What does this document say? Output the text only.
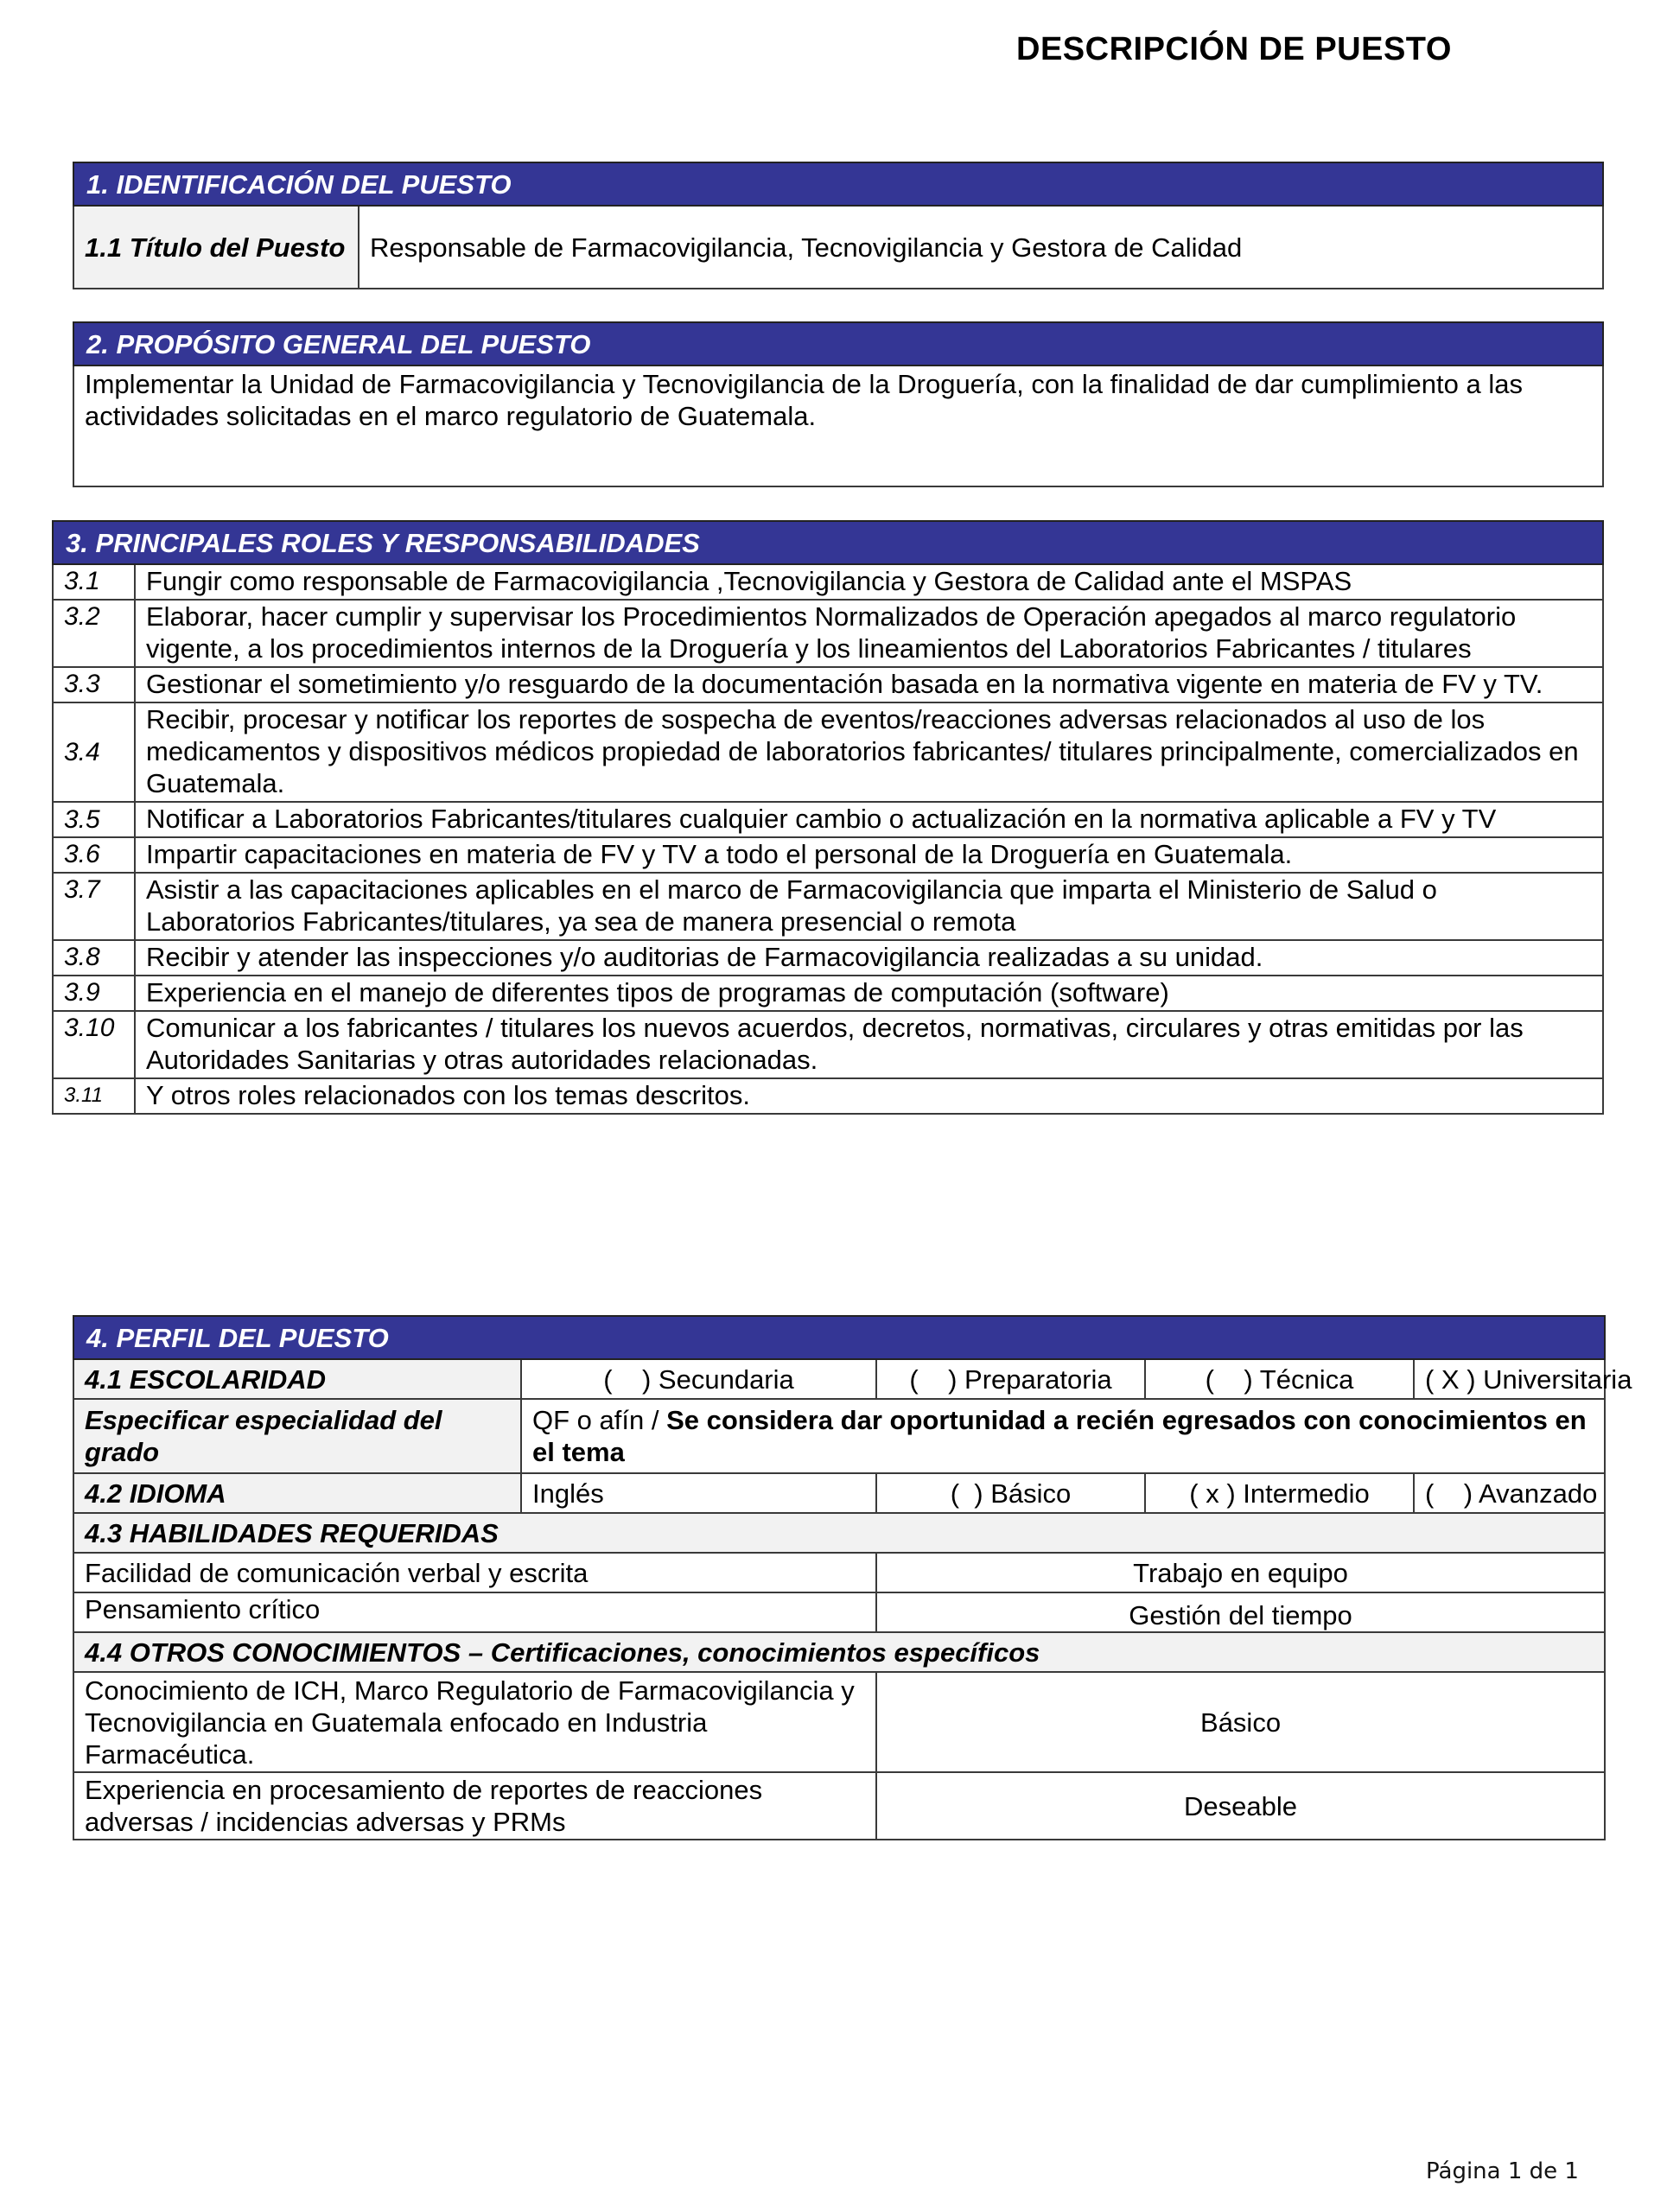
DESCRIPCIÓN DE PUESTO
1. IDENTIFICACIÓN DEL PUESTO
1.1 Título del Puesto	Responsable de Farmacovigilancia, Tecnovigilancia y Gestora de Calidad
2. PROPÓSITO GENERAL DEL PUESTO
Implementar la Unidad de Farmacovigilancia y Tecnovigilancia de la Droguería, con la finalidad de dar cumplimiento a las actividades solicitadas en el marco regulatorio de Guatemala.
3. PRINCIPALES ROLES Y RESPONSABILIDADES	
3.1	Fungir como responsable de Farmacovigilancia ,Tecnovigilancia y Gestora de Calidad ante el MSPAS
3.2	Elaborar, hacer cumplir y supervisar los Procedimientos Normalizados de Operación apegados al marco regulatorio vigente, a los procedimientos internos de la Droguería y los lineamientos del Laboratorios Fabricantes / titulares
3.3	Gestionar el sometimiento y/o resguardo de la documentación basada en la normativa vigente en materia de FV y TV.
3.4	Recibir, procesar y notificar los reportes de sospecha de eventos/reacciones adversas relacionados al uso de los medicamentos y dispositivos médicos propiedad de laboratorios fabricantes/ titulares principalmente, comercializados en Guatemala.
3.5	Notificar a Laboratorios Fabricantes/titulares cualquier cambio o actualización en la normativa aplicable a FV y TV
3.6	Impartir capacitaciones en materia de FV y TV a todo el personal de la Droguería en Guatemala.
3.7	Asistir a las capacitaciones aplicables en el marco de Farmacovigilancia que imparta el Ministerio de Salud o Laboratorios Fabricantes/titulares, ya sea de manera presencial o remota
3.8	Recibir y atender las inspecciones y/o auditorias de Farmacovigilancia realizadas a su unidad.
3.9	Experiencia en el manejo de diferentes tipos de programas de computación (software)
3.10	Comunicar a los fabricantes / titulares los nuevos acuerdos, decretos, normativas, circulares y otras emitidas por las Autoridades Sanitarias y otras autoridades relacionadas.
3.11	Y otros roles relacionados con los temas descritos.
4. PERFIL DEL PUESTO				
4.1 ESCOLARIDAD	(    ) Secundaria	(    ) Preparatoria	(    ) Técnica	( X ) Universitaria
Especificar especialidad del grado	QF o afín / Se considera dar oportunidad a recién egresados con conocimientos en el tema			
4.2 IDIOMA	Inglés	(  ) Básico	( x ) Intermedio	(    ) Avanzado
4.3 HABILIDADES REQUERIDAS				
Facilidad de comunicación verbal y escrita		Trabajo en equipo		
Pensamiento crítico		Gestión del tiempo		
4.4 OTROS CONOCIMIENTOS – Certificaciones, conocimientos específicos				
Conocimiento de ICH, Marco Regulatorio de Farmacovigilancia y Tecnovigilancia en Guatemala enfocado en Industria Farmacéutica.		Básico		
Experiencia en procesamiento de reportes de reacciones adversas / incidencias adversas y PRMs		Deseable		
Página 1 de 1
